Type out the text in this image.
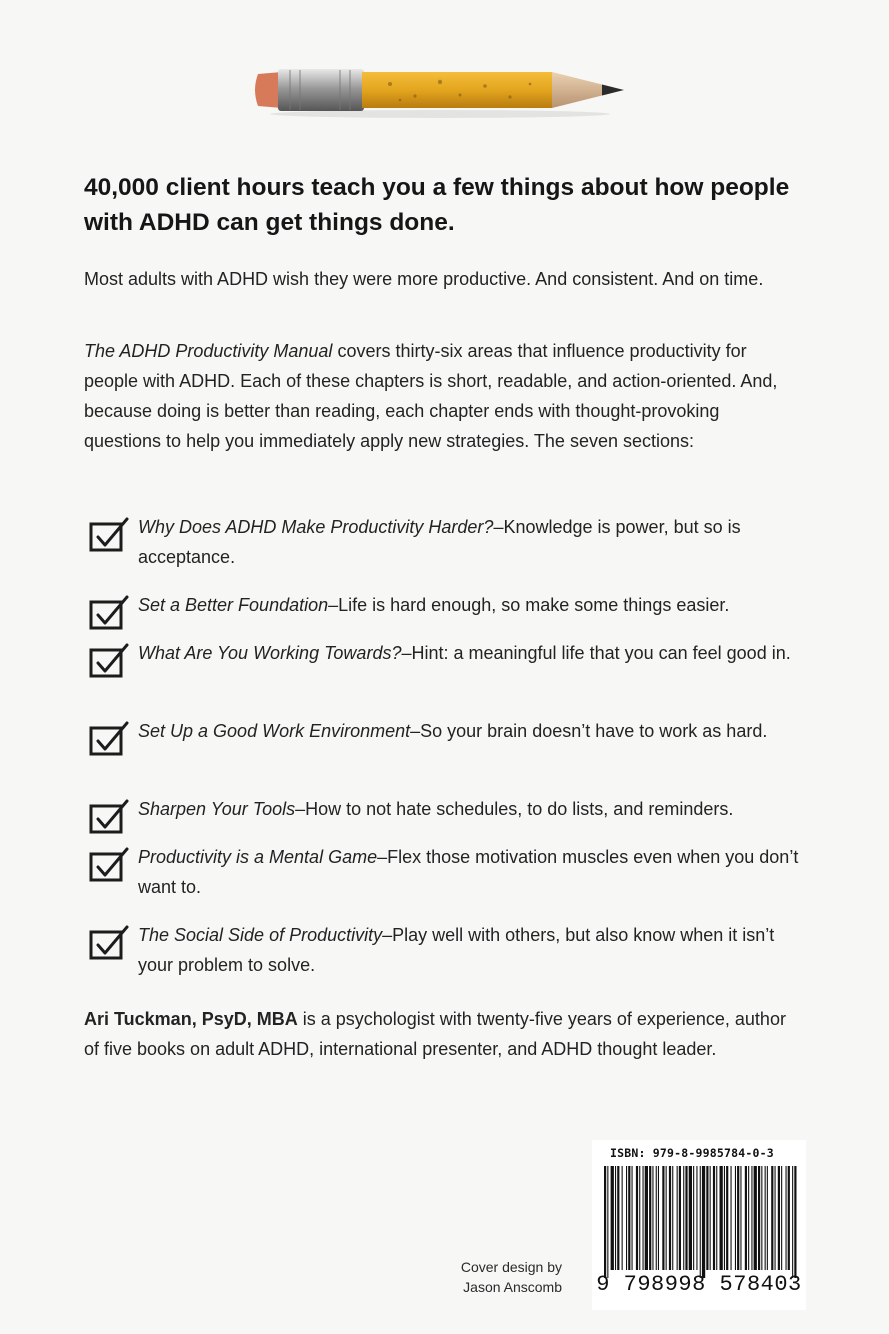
40,000 client hours teach you a few things about how people with ADHD can get things done.

Most adults with ADHD wish they were more productive. And consistent. And on time.

The ADHD Productivity Manual covers thirty-six areas that influence productivity for people with ADHD. Each of these chapters is short, readable, and action-oriented. And, because doing is better than reading, each chapter ends with thought-provoking questions to help you immediately apply new strategies. The seven sections:

Why Does ADHD Make Productivity Harder?–Knowledge is power, but so is acceptance.
Set a Better Foundation–Life is hard enough, so make some things easier.
What Are You Working Towards?–Hint: a meaningful life that you can feel good in.
Set Up a Good Work Environment–So your brain doesn’t have to work as hard.
Sharpen Your Tools–How to not hate schedules, to do lists, and reminders.
Productivity is a Mental Game–Flex those motivation muscles even when you don’t want to.
The Social Side of Productivity–Play well with others, but also know when it isn’t your problem to solve.

Ari Tuckman, PsyD, MBA is a psychologist with twenty-five years of experience, author of five books on adult ADHD, international presenter, and ADHD thought leader.

Cover design by
Jason Anscomb
ISBN: 979-8-9985784-0-3
9 798998 578403
